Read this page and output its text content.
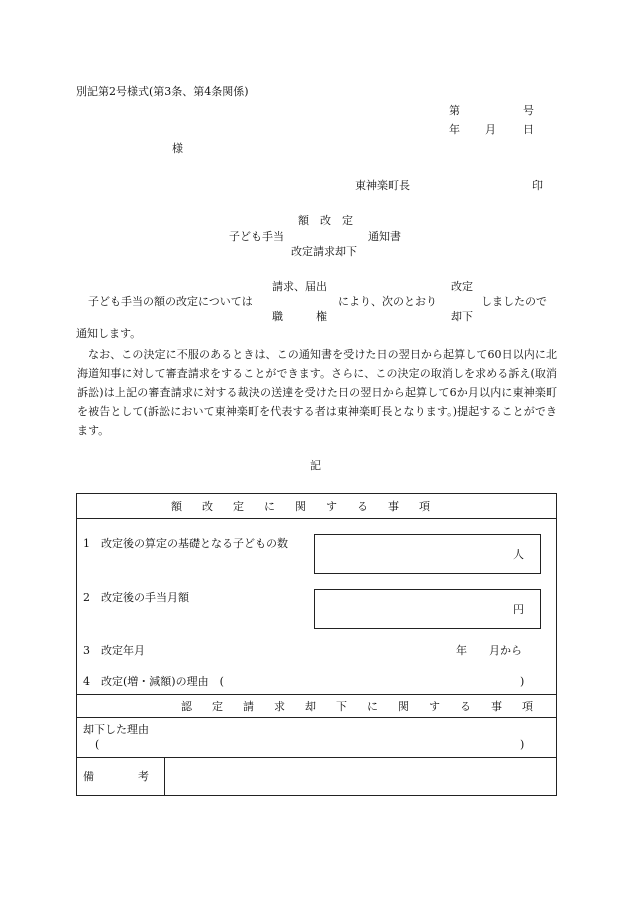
別記第2号様式(第3条、第4条関係)
第	号
年 月 日
様
東神楽町長	印
額　改　定
子ども手当	通知書
改定請求却下
請求、届出	改定
子ども手当の額の改定については	により、次のとおり	しましたので
職　　　権	却下
通知します。

なお、この決定に不服のあるときは、この通知書を受けた日の翌日から起算して60日以内に北海道知事に対して審査請求をすることができます。さらに、この決定の取消しを求める訴え(取消訴訟)は上記の審査請求に対する裁決の送達を受けた日の翌日から起算して6か月以内に東神楽町を被告として(訴訟において東神楽町を代表する者は東神楽町長となります。)提起することができます。

記
額改定に関する事項
1　改定後の算定の基礎となる子どもの数
人
2　改定後の手当月額
円
3　改定年月	年 月から
4　改定(増・減額)の理由　(	)
認定請求却下に関する事項
却下した理由
(	)
備　　　　考
